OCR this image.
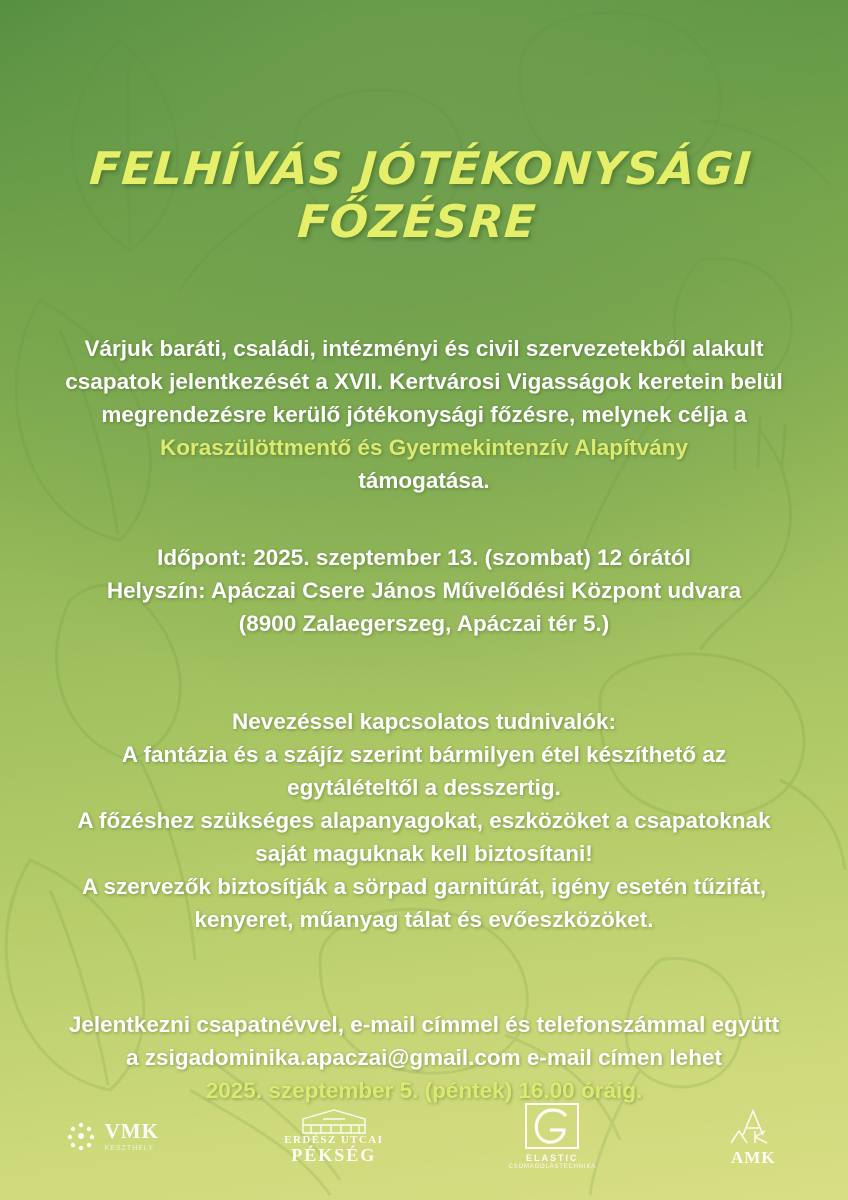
FELHÍVÁS JÓTÉKONYSÁGI FŐZÉSRE

Várjuk baráti, családi, intézményi és civil szervezetekből alakult
csapatok jelentkezését a XVII. Kertvárosi Vigasságok keretein belül
megrendezésre kerülő jótékonysági főzésre, melynek célja a
Koraszülöttmentő és Gyermekintenzív Alapítvány
támogatása.

Időpont: 2025. szeptember 13. (szombat) 12 órától
Helyszín: Apáczai Csere János Művelődési Központ udvara
(8900 Zalaegerszeg, Apáczai tér 5.)

Nevezéssel kapcsolatos tudnivalók:
A fantázia és a szájíz szerint bármilyen étel készíthető az
egytálételtől a desszertig.
A főzéshez szükséges alapanyagokat, eszközöket a csapatoknak
saját maguknak kell biztosítani!
A szervezők biztosítják a sörpad garnitúrát, igény esetén tűzifát,
kenyeret, műanyag tálat és evőeszközöket.

Jelentkezni csapatnévvel, e-mail címmel és telefonszámmal együtt
a zsigadominika.apaczai@gmail.com e-mail címen lehet
2025. szeptember 5. (péntek) 16.00 óráig.

VMK
KESZTHELY
ERDÉSZ UTCAI
PÉKSÉG	ELASTIC
CSOMAGOLÁSTECHNIKA	AMK
